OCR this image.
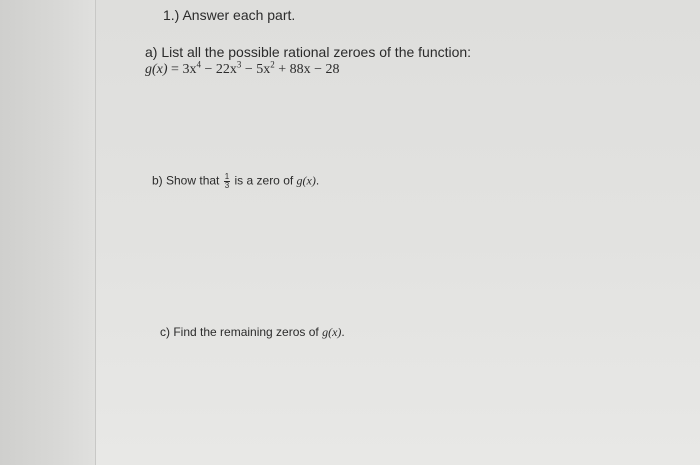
1.) Answer each part.
a) List all the possible rational zeroes of the function:
$g(x) = 3x^4 - 22x^3 - 5x^2 + 88x - 28$
b) Show that $\frac{1}{3}$ is a zero of g(x).
c) Find the remaining zeros of g(x).
